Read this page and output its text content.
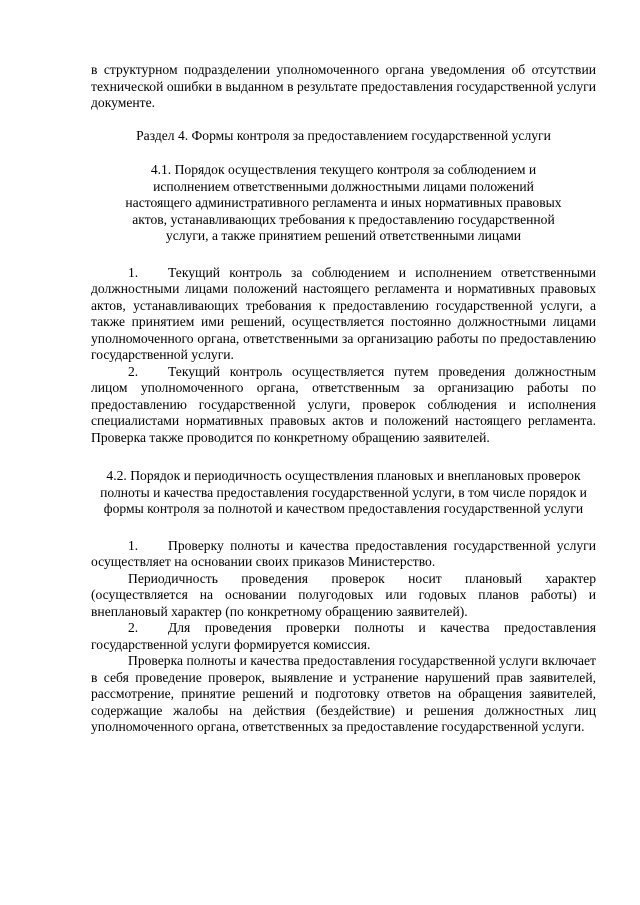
в структурном подразделении уполномоченного органа уведомления об отсутствии технической ошибки в выданном в результате предоставления государственной услуги документе.

Раздел 4. Формы контроля за предоставлением государственной услуги

4.1. Порядок осуществления текущего контроля за соблюдением и исполнением ответственными должностными лицами положений настоящего административного регламента и иных нормативных правовых актов, устанавливающих требования к предоставлению государственной услуги, а также принятием решений ответственными лицами

1. Текущий контроль за соблюдением и исполнением ответственными должностными лицами положений настоящего регламента и нормативных правовых актов, устанавливающих требования к предоставлению государственной услуги, а также принятием ими решений, осуществляется постоянно должностными лицами уполномоченного органа, ответственными за организацию работы по предоставлению государственной услуги.

2. Текущий контроль осуществляется путем проведения должностным лицом уполномоченного органа, ответственным за организацию работы по предоставлению государственной услуги, проверок соблюдения и исполнения специалистами нормативных правовых актов и положений настоящего регламента. Проверка также проводится по конкретному обращению заявителей.

4.2. Порядок и периодичность осуществления плановых и внеплановых проверок полноты и качества предоставления государственной услуги, в том числе порядок и формы контроля за полнотой и качеством предоставления государственной услуги

1. Проверку полноты и качества предоставления государственной услуги осуществляет на основании своих приказов Министерство.

Периодичность проведения проверок носит плановый характер (осуществляется на основании полугодовых или годовых планов работы) и внеплановый характер (по конкретному обращению заявителей).

2. Для проведения проверки полноты и качества предоставления государственной услуги формируется комиссия.

Проверка полноты и качества предоставления государственной услуги включает в себя проведение проверок, выявление и устранение нарушений прав заявителей, рассмотрение, принятие решений и подготовку ответов на обращения заявителей, содержащие жалобы на действия (бездействие) и решения должностных лиц уполномоченного органа, ответственных за предоставление государственной услуги.
